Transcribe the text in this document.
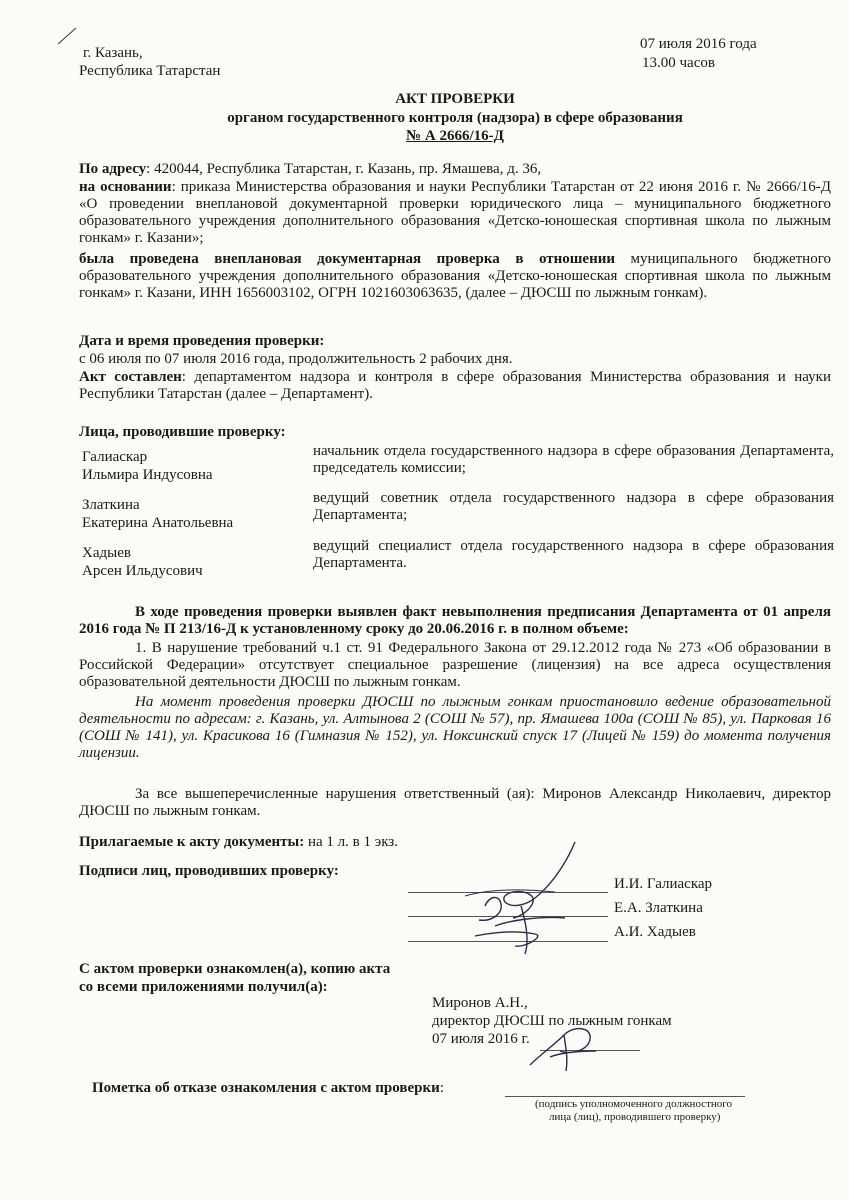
г. Казань,
Республика Татарстан
07 июля 2016 года
13.00 часов
АКТ ПРОВЕРКИ
органом государственного контроля (надзора) в сфере образования
№ А 2666/16-Д
По адресу: 420044, Республика Татарстан, г. Казань, пр. Ямашева, д. 36,
на основании: приказа Министерства образования и науки Республики Татарстан от 22 июня 2016 г. № 2666/16-Д «О проведении внеплановой документарной проверки юридического лица – муниципального бюджетного образовательного учреждения дополнительного образования «Детско-юношеская спортивная школа по лыжным гонкам» г. Казани»;
была проведена внеплановая документарная проверка в отношении муниципального бюджетного образовательного учреждения дополнительного образования «Детско-юношеская спортивная школа по лыжным гонкам» г. Казани, ИНН 1656003102, ОГРН 1021603063635, (далее – ДЮСШ по лыжным гонкам).
Дата и время проведения проверки:
с 06 июля по 07 июля 2016 года, продолжительность 2 рабочих дня.
Акт составлен: департаментом надзора и контроля в сфере образования Министерства образования и науки Республики Татарстан (далее – Департамент).
Лица, проводившие проверку:
Галиаскар
Ильмира Индусовна
начальник отдела государственного надзора в сфере образования Департамента, председатель комиссии;
Златкина
Екатерина Анатольевна
ведущий советник отдела государственного надзора в сфере образования Департамента;
Хадыев
Арсен Ильдусович
ведущий специалист отдела государственного надзора в сфере образования Департамента.
В ходе проведения проверки выявлен факт невыполнения предписания Департамента от 01 апреля 2016 года № П 213/16-Д к установленному сроку до 20.06.2016 г. в полном объеме:
1. В нарушение требований ч.1 ст. 91 Федерального Закона от 29.12.2012 года № 273 «Об образовании в Российской Федерации» отсутствует специальное разрешение (лицензия) на все адреса осуществления образовательной деятельности ДЮСШ по лыжным гонкам.
На момент проведения проверки ДЮСШ по лыжным гонкам приостановило ведение образовательной деятельности по адресам: г. Казань, ул. Алтынова 2 (СОШ № 57), пр. Ямашева 100а (СОШ № 85), ул. Парковая 16 (СОШ № 141), ул. Красикова 16 (Гимназия № 152), ул. Ноксинский спуск 17 (Лицей № 159) до момента получения лицензии.
За все вышеперечисленные нарушения ответственный (ая): Миронов Александр Николаевич, директор ДЮСШ по лыжным гонкам.
Прилагаемые к акту документы: на 1 л. в 1 экз.
Подписи лиц, проводивших проверку:
И.И. Галиаскар
Е.А. Златкина
А.И. Хадыев
С актом проверки ознакомлен(а), копию акта
со всеми приложениями получил(а):
Миронов А.Н.,
директор ДЮСШ по лыжным гонкам
07 июля 2016 г.
Пометка об отказе ознакомления с актом проверки:
(подпись уполномоченного должностного
лица (лиц), проводившего проверку)
